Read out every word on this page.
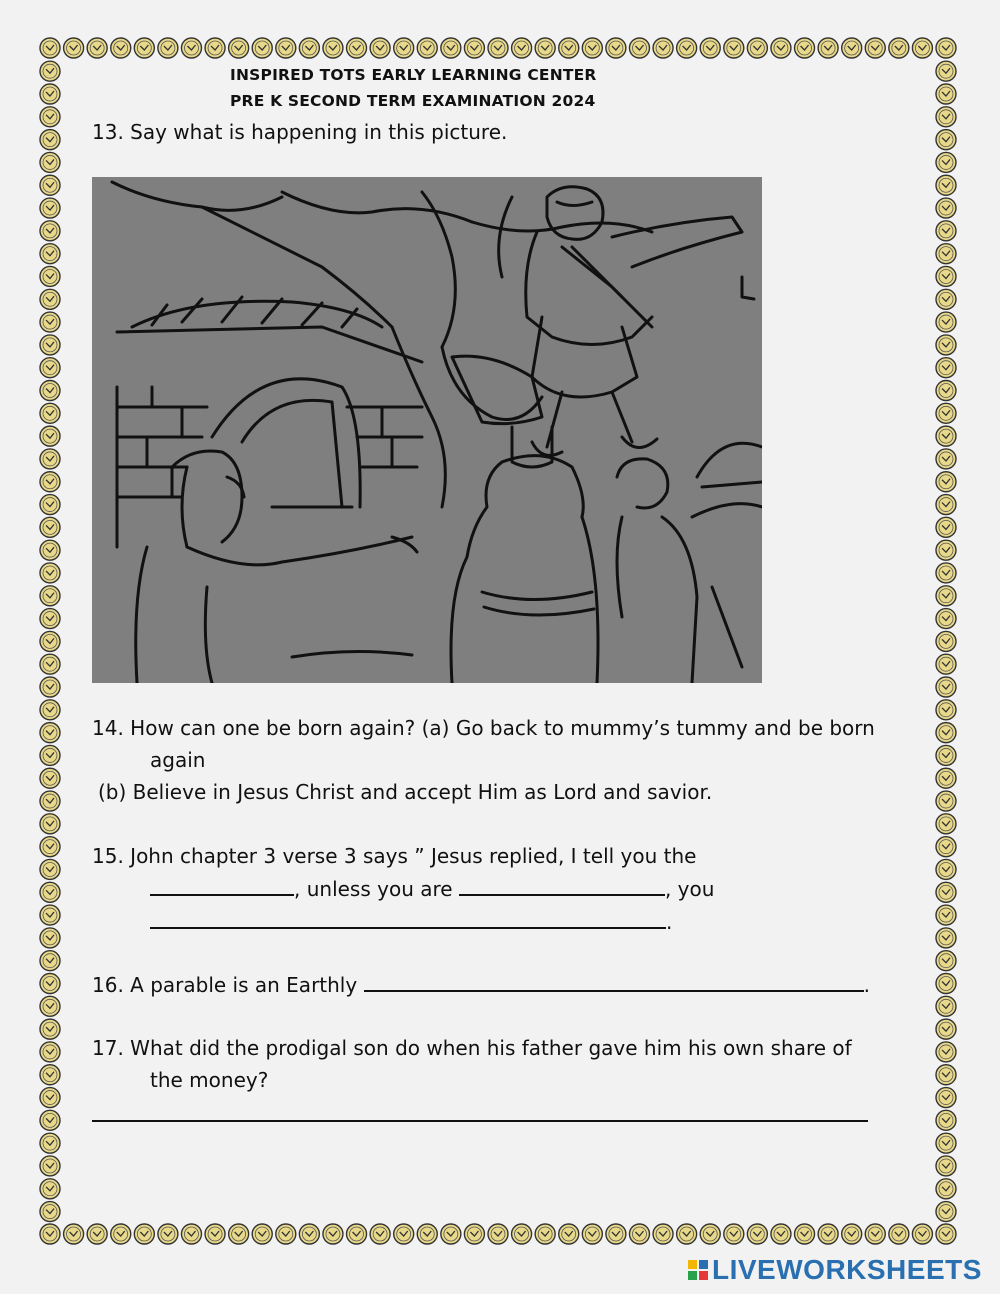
INSPIRED TOTS EARLY LEARNING CENTER
PRE K SECOND TERM EXAMINATION 2024
13. Say what is happening in this picture.
14. How can one be born again? (a) Go back to mummy’s tummy and be born
again
(b) Believe in Jesus Christ and accept Him as Lord and savior.
15. John chapter 3 verse 3 says ” Jesus replied, I tell you the
, unless you are	, you
.
16. A parable is an Earthly	.
17. What did the prodigal son do when his father gave him his own share of
the money?
LIVEWORKSHEETS
